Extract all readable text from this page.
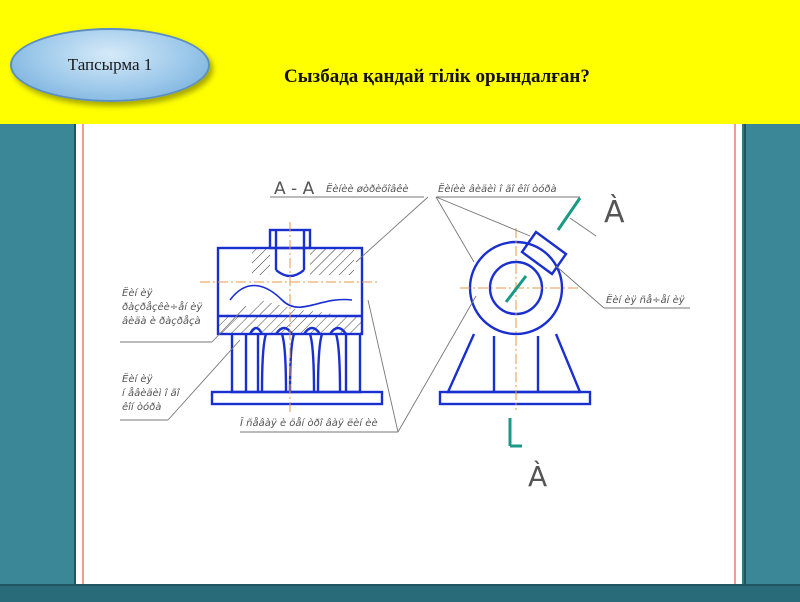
Тапсырма 1
Сызбада қандай тілік орындалған?
А - А Ëèíèè øòðèõîâêè	Ëèíèè âèäèì î ãî êîí òóðà
À
À
Ëèí èÿ ñå÷åí èÿ
Ëèí èÿ
ðàçðåçêè÷åí èÿ
âèäà è ðàçðåçà
Ëèí èÿ
í åâèäèì î ãî
êîí òóðà
Î ñåâàÿ è öåí òðî âàÿ ëèí èè
